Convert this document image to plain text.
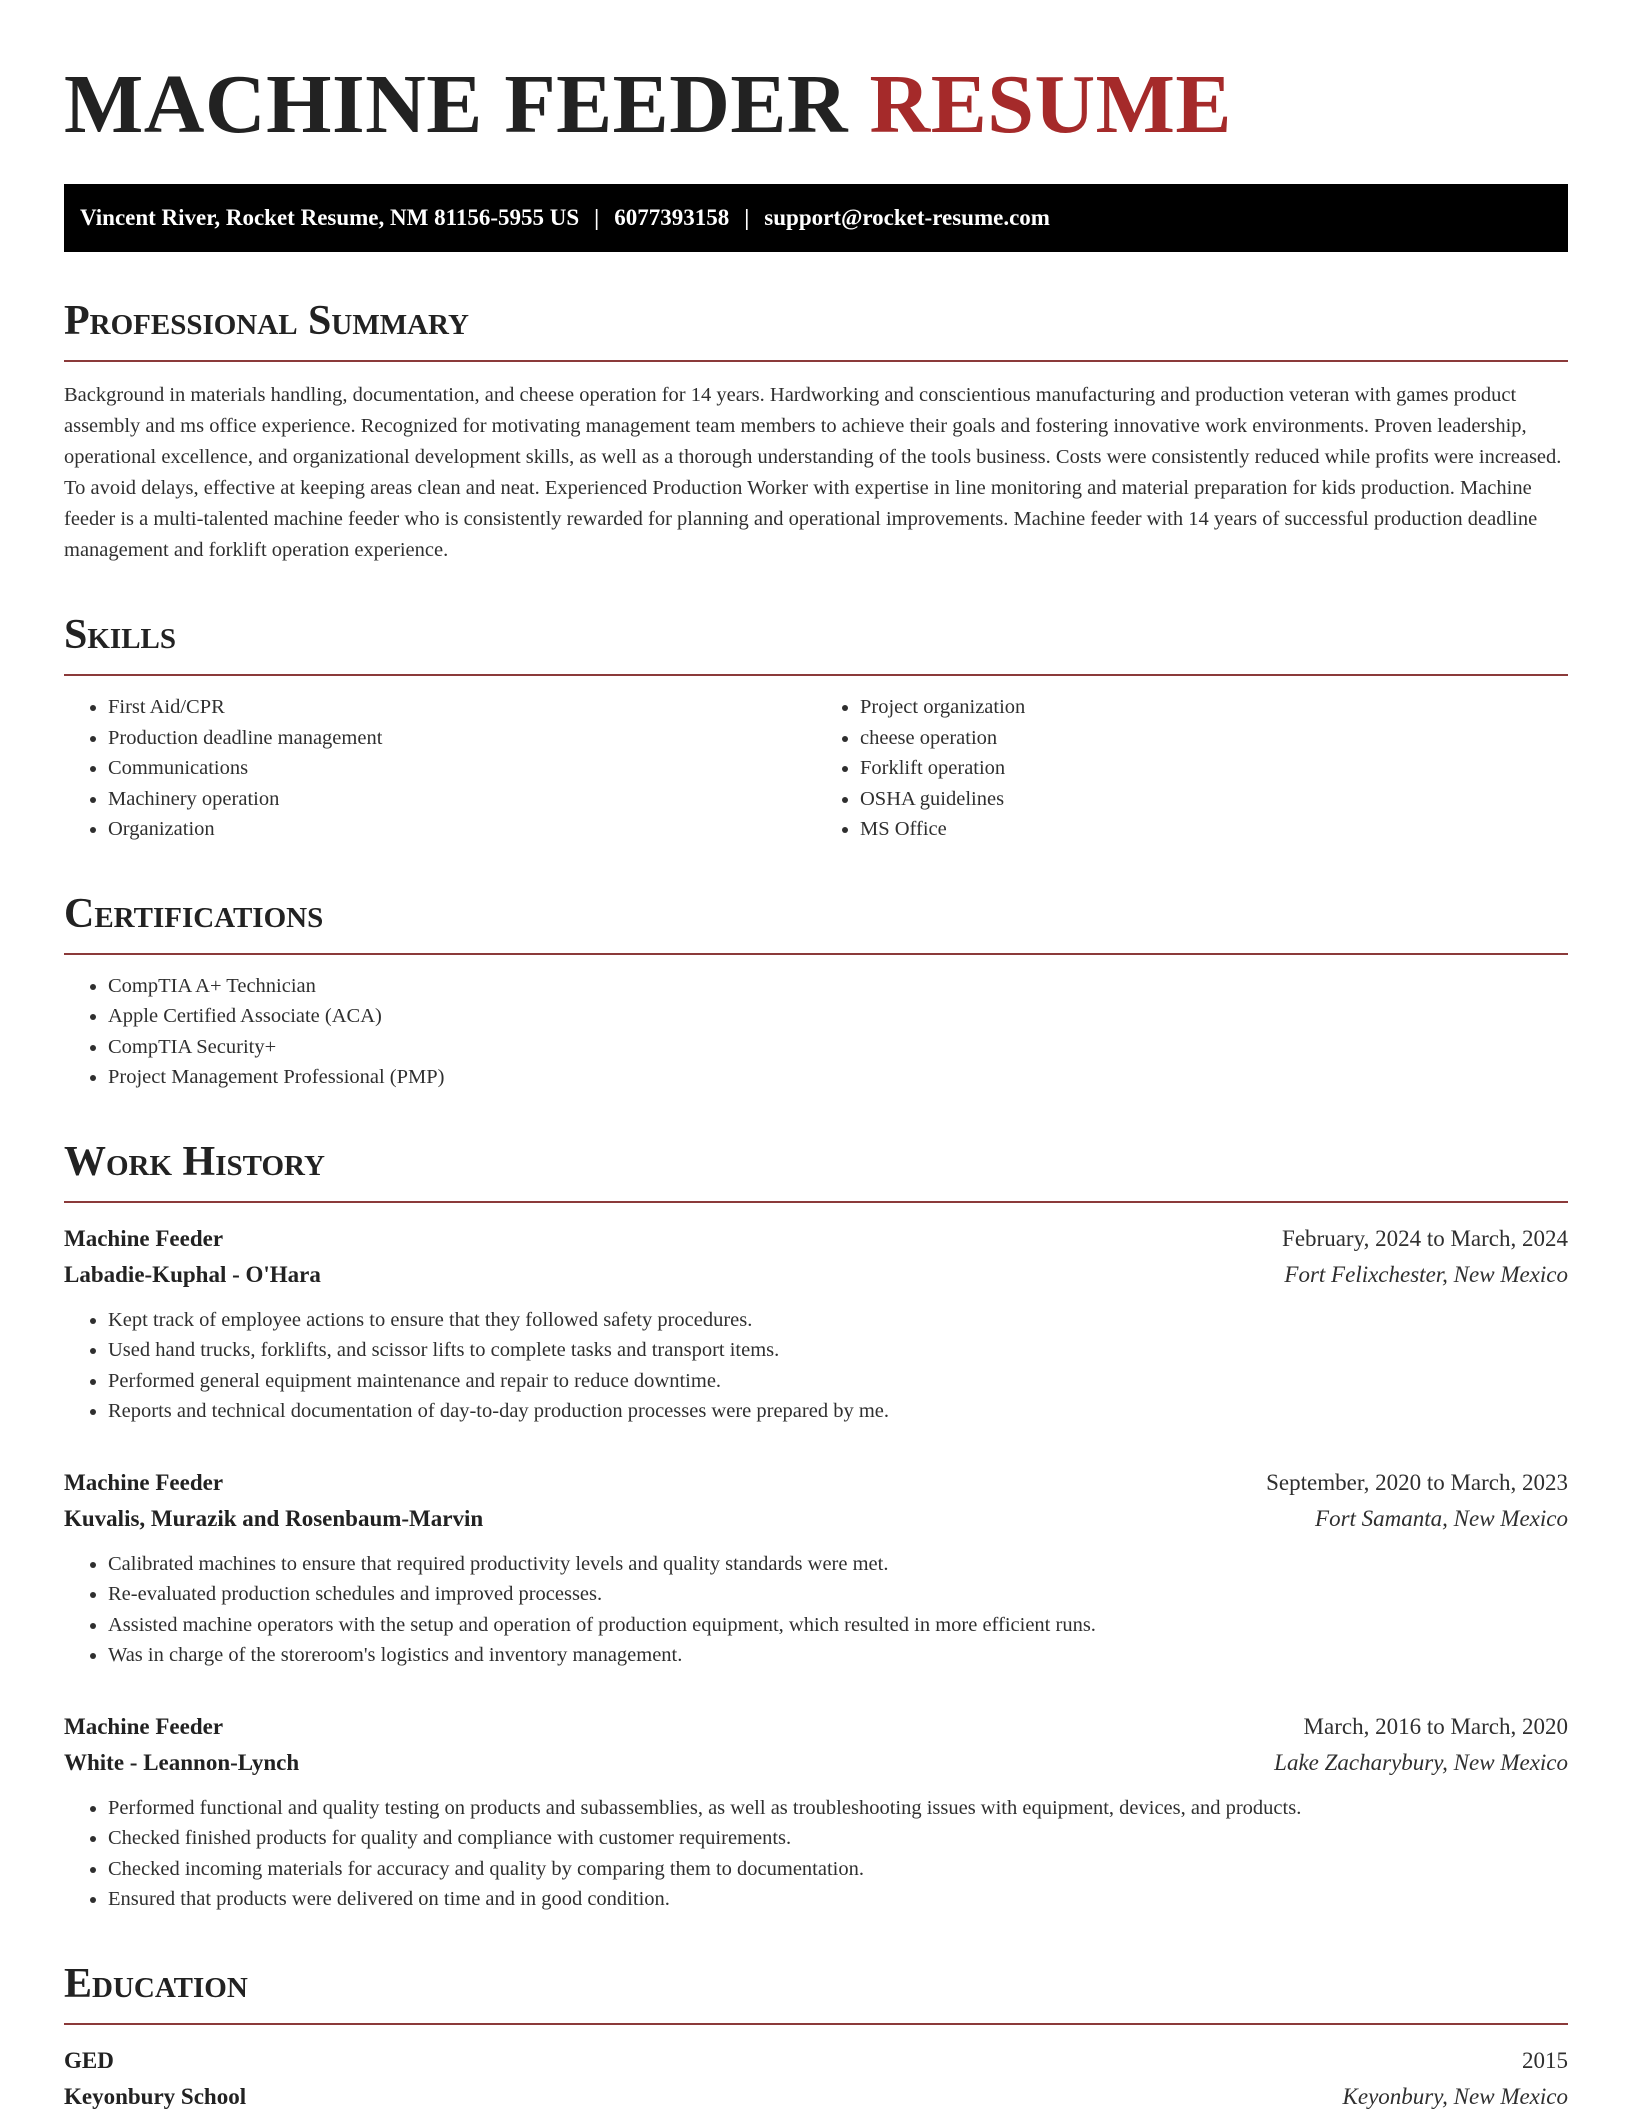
MACHINE FEEDER RESUME
Vincent River, Rocket Resume, NM 81156-5955 US | 6077393158 | support@rocket-resume.com
Professional Summary

Background in materials handling, documentation, and cheese operation for 14 years. Hardworking and conscientious manufacturing and production veteran with games product assembly and ms office experience. Recognized for motivating management team members to achieve their goals and fostering innovative work environments. Proven leadership, operational excellence, and organizational development skills, as well as a thorough understanding of the tools business. Costs were consistently reduced while profits were increased. To avoid delays, effective at keeping areas clean and neat. Experienced Production Worker with expertise in line monitoring and material preparation for kids production. Machine feeder is a multi-talented machine feeder who is consistently rewarded for planning and operational improvements. Machine feeder with 14 years of successful production deadline management and forklift operation experience.

Skills
• First Aid/CPR
• Production deadline management
• Communications
• Machinery operation
• Organization
• Project organization
• cheese operation
• Forklift operation
• OSHA guidelines
• MS Office
Certifications
• CompTIA A+ Technician
• Apple Certified Associate (ACA)
• CompTIA Security+
• Project Management Professional (PMP)
Work History
Machine Feeder	February, 2024 to March, 2024
Labadie-Kuphal - O'Hara	Fort Felixchester, New Mexico
• Kept track of employee actions to ensure that they followed safety procedures.
• Used hand trucks, forklifts, and scissor lifts to complete tasks and transport items.
• Performed general equipment maintenance and repair to reduce downtime.
• Reports and technical documentation of day-to-day production processes were prepared by me.
Machine Feeder	September, 2020 to March, 2023
Kuvalis, Murazik and Rosenbaum-Marvin	Fort Samanta, New Mexico
• Calibrated machines to ensure that required productivity levels and quality standards were met.
• Re-evaluated production schedules and improved processes.
• Assisted machine operators with the setup and operation of production equipment, which resulted in more efficient runs.
• Was in charge of the storeroom's logistics and inventory management.
Machine Feeder	March, 2016 to March, 2020
White - Leannon-Lynch	Lake Zacharybury, New Mexico
• Performed functional and quality testing on products and subassemblies, as well as troubleshooting issues with equipment, devices, and products.
• Checked finished products for quality and compliance with customer requirements.
• Checked incoming materials for accuracy and quality by comparing them to documentation.
• Ensured that products were delivered on time and in good condition.
Education
GED	2015
Keyonbury School	Keyonbury, New Mexico
